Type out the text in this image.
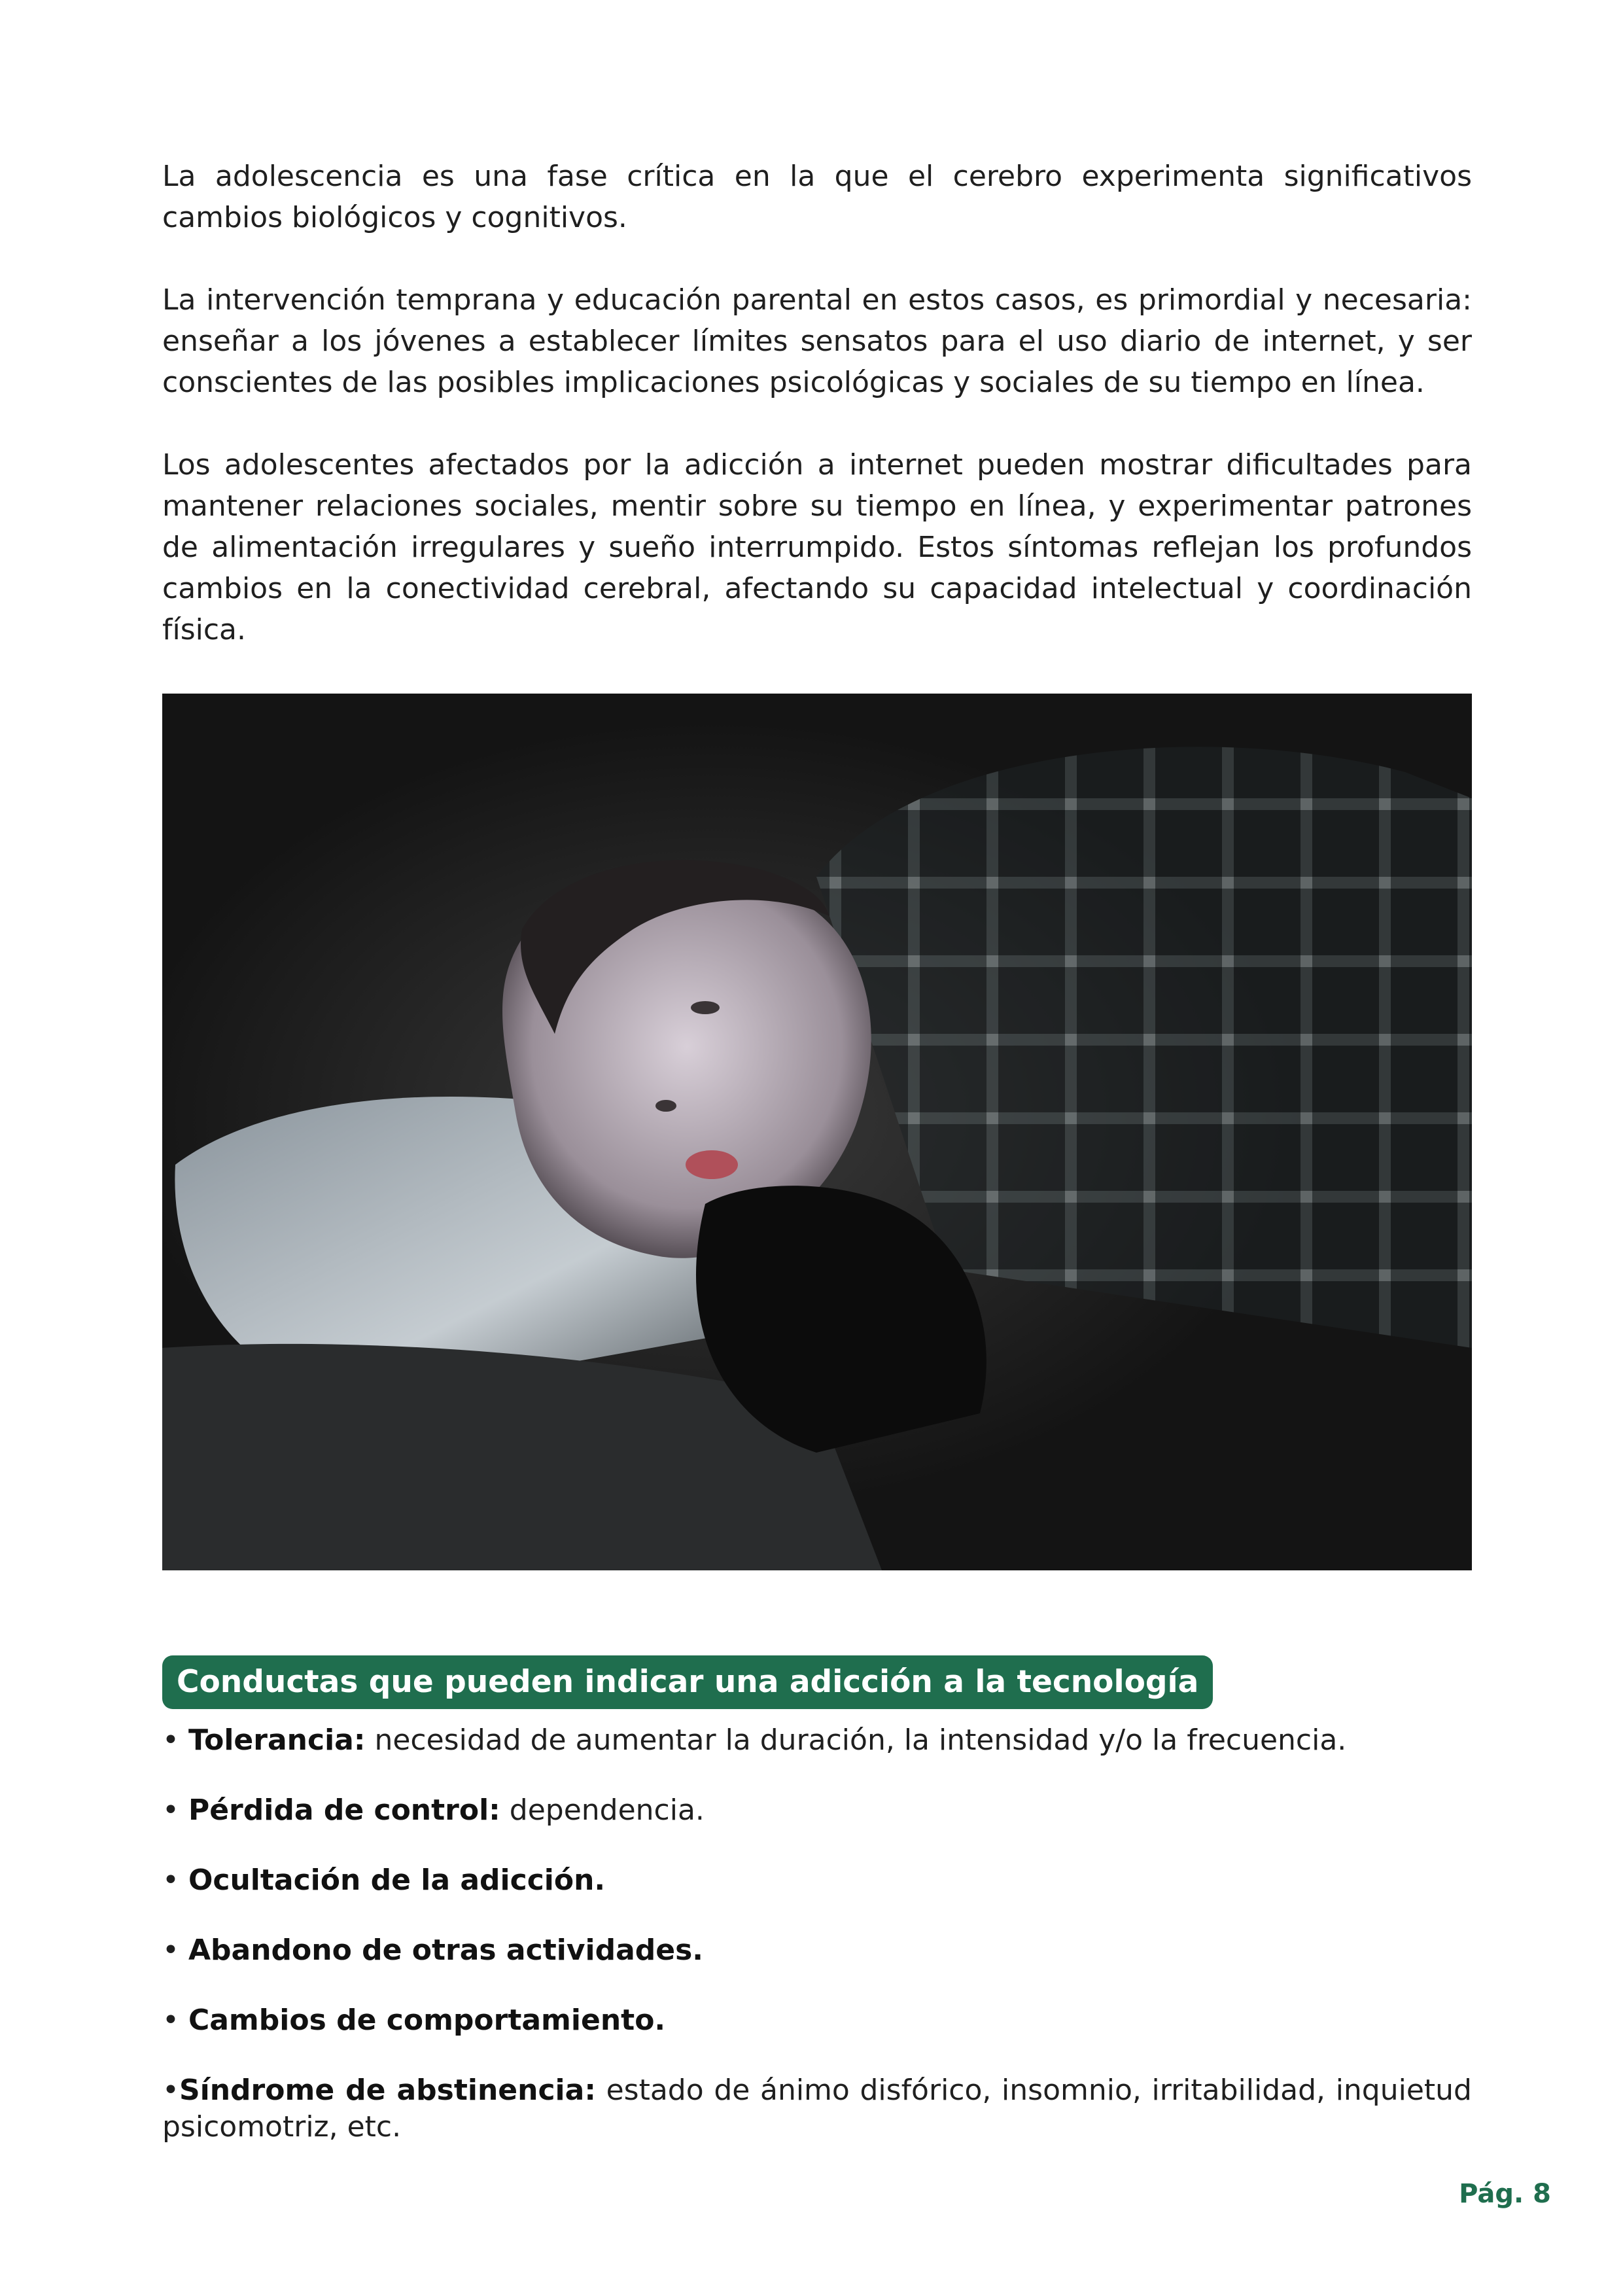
La adolescencia es una fase crítica en la que el cerebro experimenta significativos cambios biológicos y cognitivos.

La intervención temprana y educación parental en estos casos, es primordial y necesaria: enseñar a los jóvenes a establecer límites sensatos para el uso diario de internet, y ser conscientes de las posibles implicaciones psicológicas y sociales de su tiempo en línea.

Los adolescentes afectados por la adicción a internet pueden mostrar dificultades para mantener relaciones sociales, mentir sobre su tiempo en línea, y experimentar patrones de alimentación irregulares y sueño interrumpido. Estos síntomas reflejan los profundos cambios en la conectividad cerebral, afectando su capacidad intelectual y coordinación física.

Conductas que pueden indicar una adicción a la tecnología
• Tolerancia: necesidad de aumentar la duración, la intensidad y/o la frecuencia.
• Pérdida de control: dependencia.
• Ocultación de la adicción.
• Abandono de otras actividades.
• Cambios de comportamiento.
•Síndrome de abstinencia: estado de ánimo disfórico, insomnio, irritabilidad, inquietud psicomotriz, etc.
Pág. 8
